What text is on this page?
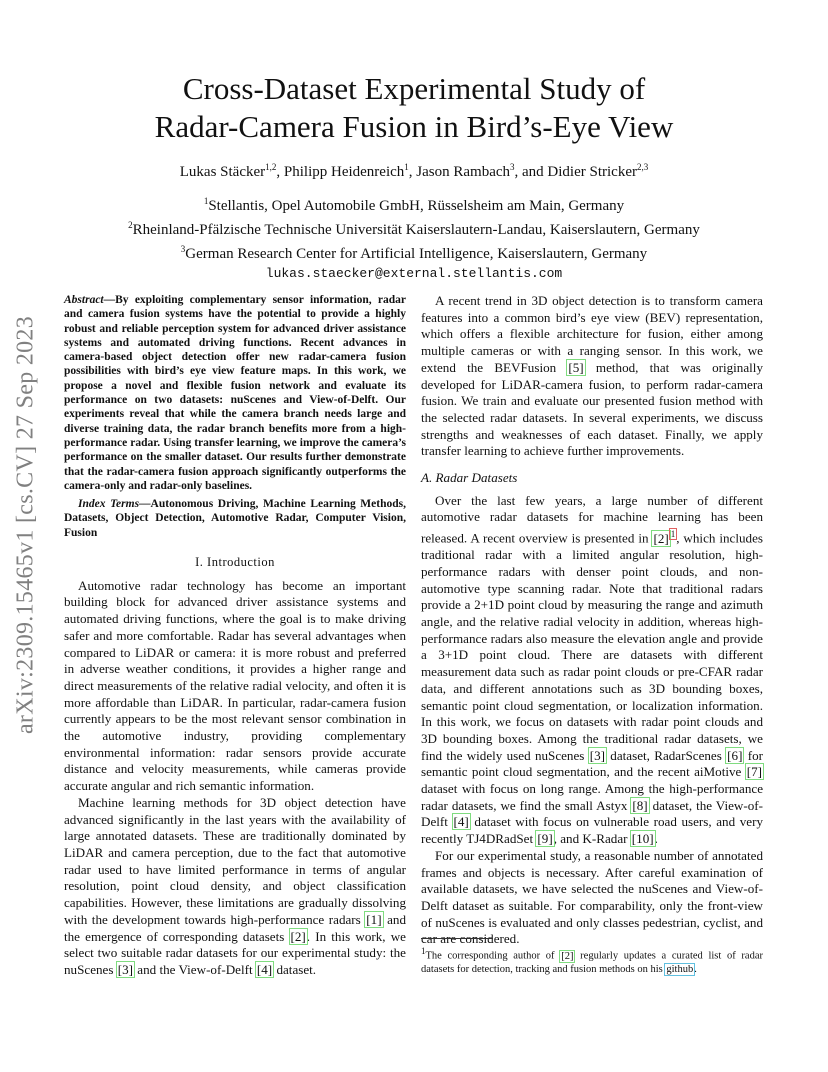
arXiv:2309.15465v1 [cs.CV] 27 Sep 2023
Cross-Dataset Experimental Study of
Radar-Camera Fusion in Bird’s-Eye View
Lukas Stäcker$^{1,2}$, Philipp Heidenreich$^1$, Jason Rambach$^3$, and Didier Stricker$^{2,3}$
$^1$Stellantis, Opel Automobile GmbH, Rüsselsheim am Main, Germany
$^2$Rheinland-Pfälzische Technische Universität Kaiserslautern-Landau, Kaiserslautern, Germany
$^3$German Research Center for Artificial Intelligence, Kaiserslautern, Germany
lukas.staecker@external.stellantis.com
Abstract—By exploiting complementary sensor information, radar and camera fusion systems have the potential to provide a highly robust and reliable perception system for advanced driver assistance systems and automated driving functions. Recent advances in camera-based object detection offer new radar-camera fusion possibilities with bird’s eye view feature maps. In this work, we propose a novel and flexible fusion network and evaluate its performance on two datasets: nuScenes and View-of-Delft. Our experiments reveal that while the camera branch needs large and diverse training data, the radar branch benefits more from a high-performance radar. Using transfer learning, we improve the camera’s performance on the smaller dataset. Our results further demonstrate that the radar-camera fusion approach significantly outperforms the camera-only and radar-only baselines.
Index Terms—Autonomous Driving, Machine Learning Methods, Datasets, Object Detection, Automotive Radar, Computer Vision, Fusion
I. Introduction

Automotive radar technology has become an important building block for advanced driver assistance systems and automated driving functions, where the goal is to make driving safer and more comfortable. Radar has several advantages when compared to LiDAR or camera: it is more robust and preferred in adverse weather conditions, it provides a higher range and direct measurements of the relative radial velocity, and often it is more affordable than LiDAR. In particular, radar-camera fusion currently appears to be the most relevant sensor combination in the automotive industry, providing complementary environmental information: radar sensors provide accurate distance and velocity measurements, while cameras provide accurate angular and rich semantic information.

Machine learning methods for 3D object detection have advanced significantly in the last years with the availability of large annotated datasets. These are traditionally dominated by LiDAR and camera perception, due to the fact that automotive radar used to have limited performance in terms of angular resolution, point cloud density, and object classification capabilities. However, these limitations are gradually dissolving with the development towards high-performance radars [1] and the emergence of corresponding datasets [2]. In this work, we select two suitable radar datasets for our experimental study: the nuScenes [3] and the View-of-Delft [4] dataset.

A recent trend in 3D object detection is to transform camera features into a common bird’s eye view (BEV) representation, which offers a flexible architecture for fusion, either among multiple cameras or with a ranging sensor. In this work, we extend the BEVFusion [5] method, that was originally developed for LiDAR-camera fusion, to perform radar-camera fusion. We train and evaluate our presented fusion method with the selected radar datasets. In several experiments, we discuss strengths and weaknesses of each dataset. Finally, we apply transfer learning to achieve further improvements.

A. Radar Datasets

Over the last few years, a large number of different automotive radar datasets for machine learning has been released. A recent overview is presented in [2] $^1$, which includes traditional radar with a limited angular resolution, high-performance radars with denser point clouds, and non-automotive type scanning radar. Note that traditional radars provide a 2+1D point cloud by measuring the range and azimuth angle, and the relative radial velocity in addition, whereas high-performance radars also measure the elevation angle and provide a 3+1D point cloud. There are datasets with different measurement data such as radar point clouds or pre-CFAR radar data, and different annotations such as 3D bounding boxes, semantic point cloud segmentation, or localization information. In this work, we focus on datasets with radar point clouds and 3D bounding boxes. Among the traditional radar datasets, we find the widely used nuScenes [3] dataset, RadarScenes [6] for semantic point cloud segmentation, and the recent aiMotive [7] dataset with focus on long range. Among the high-performance radar datasets, we find the small Astyx [8] dataset, the View-of-Delft [4] dataset with focus on vulnerable road users, and very recently TJ4DRadSet [9], and K-Radar [10].

For our experimental study, a reasonable number of annotated frames and objects is necessary. After careful examination of available datasets, we have selected the nuScenes and View-of-Delft dataset as suitable. For comparability, only the front-view of nuScenes is evaluated and only classes pedestrian, cyclist, and car are considered.

$^1$The corresponding author of [2] regularly updates a curated list of radar datasets for detection, tracking and fusion methods on his github.
